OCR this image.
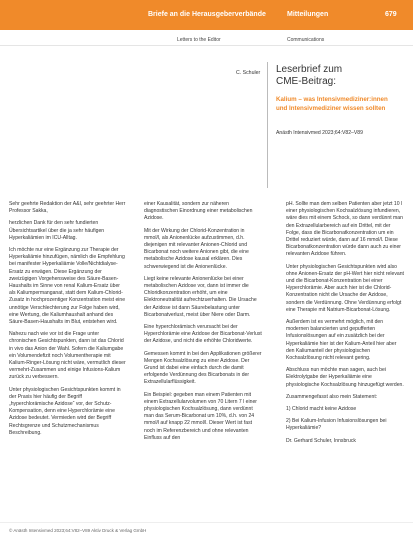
Briefe an die Herausgeberverbände	Mitteilungen	679
Letters to the Editor	Communications
C. Schuler Leserbrief zum
CME-Beitrag:
Kalium – was Intensivmediziner:innen und Intensivmediziner wissen sollten
Anästh Intensivmed 2023;64:V82–V89

Sehr geehrte Redaktion der A&I, sehr geehrter Herr Professor Sakka,

herzlichen Dank für den sehr fundierten Übersichtsartikel über die ja sehr häufigen Hyperkaliämien im ICU-Alltag.

Ich möchte nur eine Ergänzung zur Therapie der Hyperkaliämie hinzufügen, nämlich die Empfehlung bei manifester Hyperkaliämie Volle/Nichtdialyse-Ersatz zu erwägen. Diese Ergänzung der zweizügigen Vorgehensweise des Säure-Basen-Haushalts im Sinne von renal Kalium-Ersatz über als Kaliumpermanganat, statt dem Kalium-Chlorid-Zusatz in hochprozentiger Konzentration meist eine unnötige Verschlechterung zur Folge haben wird, eine Wertung, die Kaliumhaushalt anhand des Säure-Basen-Haushalts im Blut, entstehen wird.

Nahezu nach wie vor ist die Frage unter chronischen Gesichtspunkten, dann ist das Chlorid in vivo das Anion der Wahl. Sofern die Kaliumgabe ein Volumendefizit noch Volumentherapie mit Kalium-Ringer-Lösung nicht wäre, vermutlich dieser vermehrt-Zusammen und einige Infusions-Kalium zurück zu verbessern.

Unter physiologischen Gesichtspunkten kommt in der Praxis hier häufig der Begriff „hyperchlorämische Azidose“ vor, der Schutz-Kompensation, denn eine Hyperchlorämie eine Azidose bedeutet. Vermieden wird der Begriff Rechtsgrenze und Schutzmechanismus Beschreibung.

einer Kausalität, sondern zur näheren diagnostischen Einordnung einer metabolischen Azidose.

Mit der Wirkung der Chlorid-Konzentration in mmol/l, als Anionenlücke aufzustimmen, d.h. diejenigen mit relevanter Anionen-Chlorid und Bicarbonat noch weitere Anionen gibt, die eine metabolische Azidose kausal erklären. Dies schwerwiegend ist die Anionenlücke.

Liegt keine relevante Anionenlücke bei einer metabolischen Azidose vor, dann ist immer die Chloridkonzentration erhöht, um eine Elektroneutralität aufrechtzuerhalten. Die Ursache der Azidose ist dann Säurebelastung unter Bicarbonatverlust, meist über Niere oder Darm.

Eine hyperchlorämisch verursacht bei der Hyperchlorämie eine Azidose der Bicarbonat-Verlust der Azidose, und nicht die erhöhte Chloridwerte.

Gemessen kommt in bei den Applikationen größerer Mengen Kochsalzlösung zu einer Azidose. Der Grund ist dabei eine einfach durch die damit erfolgende Verdünnung des Bicarbonats in der Extrazellularflüssigkeit.

Ein Beispiel: gegeben man einem Patienten mit einem Extrazellularvolumen von 70 Litern 7 l einer physiologischen Kochsalzlösung, dann verdünnt man das Serum-Bicarbonat um 10%, d.h. von 24 mmol/l auf knapp 22 mmol/l. Dieser Wert ist fast noch im Referenzbereich und ohne relevanten Einfluss auf den

pH. Sollte man dem selben Patienten aber jetzt 10 l einer physiologischen Kochsalzlösung infundieren, wäre dies mit einem Schock, so dann verdünnt man den Extrazellularbereich auf ein Drittel, mit der Folge, dass die Bicarbonatkonzentration um ein Drittel reduziert würde, dann auf 16 mmol/l. Diese Bicarbonatkonzentration würde dann auch zu einer relevanten Azidose führen.

Unter physiologischen Gesichtspunkten wird also ohne Anionen-Ersatz der pH-Wert hier nicht relevant und die Bicarbonat-Konzentration bei einer Hyperchlorämie. Aber auch hier ist die Chlorid-Konzentration nicht die Ursache der Azidose, sondern die Verdünnung. Ohne Verdünnung erfolgt eine Therapie mit Natrium-Bicarbonat-Lösung.

Außerdem ist es vermehrt möglich, mit den modernen balancierten und gepufferten Infusionslösungen auf ein zusätzlich bei der Hyperkaliämie hier ist der Kalium-Anteil hier aber den Kaliumanteil der physiologischen Kochsalzlösung nicht relevant gering.

Abschluss nun möchte man sagen, auch bei Elektrolytgabe der Hyperkaliämie eine physiologische Kochsalzlösung hinzugefügt werden.

Zusammengefasst also mein Statement:

1) Chlorid macht keine Azidose

2) Bei Kalium-Infusion Infusionslösungen bei Hyperkaliämie?

Dr. Gerhard Schuler, Innsbruck

© Anästh Intensivmed 2023;64:V82–V89 Aktiv Druck & Verlag GmbH
